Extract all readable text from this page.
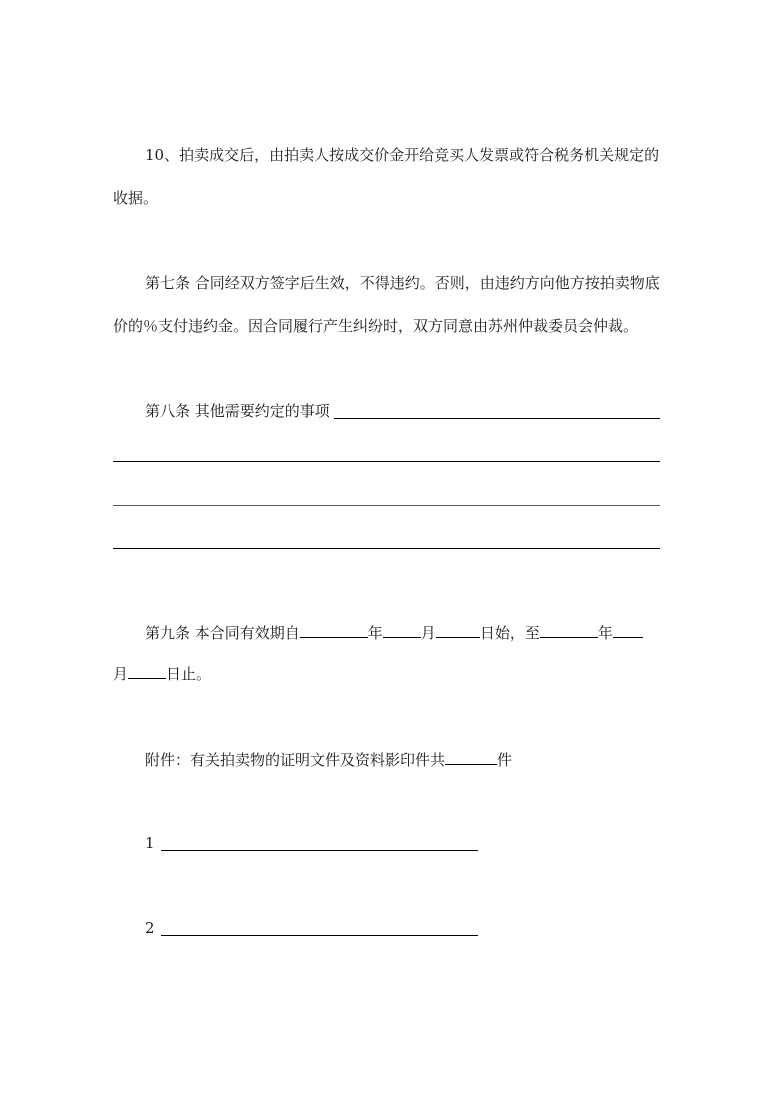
10、拍卖成交后，由拍卖人按成交价金开给竞买人发票或符合税务机关规定的
收据。
第七条 合同经双方签字后生效，不得违约。否则，由违约方向他方按拍卖物底
价的％支付违约金。因合同履行产生纠纷时，双方同意由苏州仲裁委员会仲裁。
第八条 其他需要约定的事项
第九条 本合同有效期自	年	月	日始，至	年
月	日止。
附件：有关拍卖物的证明文件及资料影印件共	件
1
2
